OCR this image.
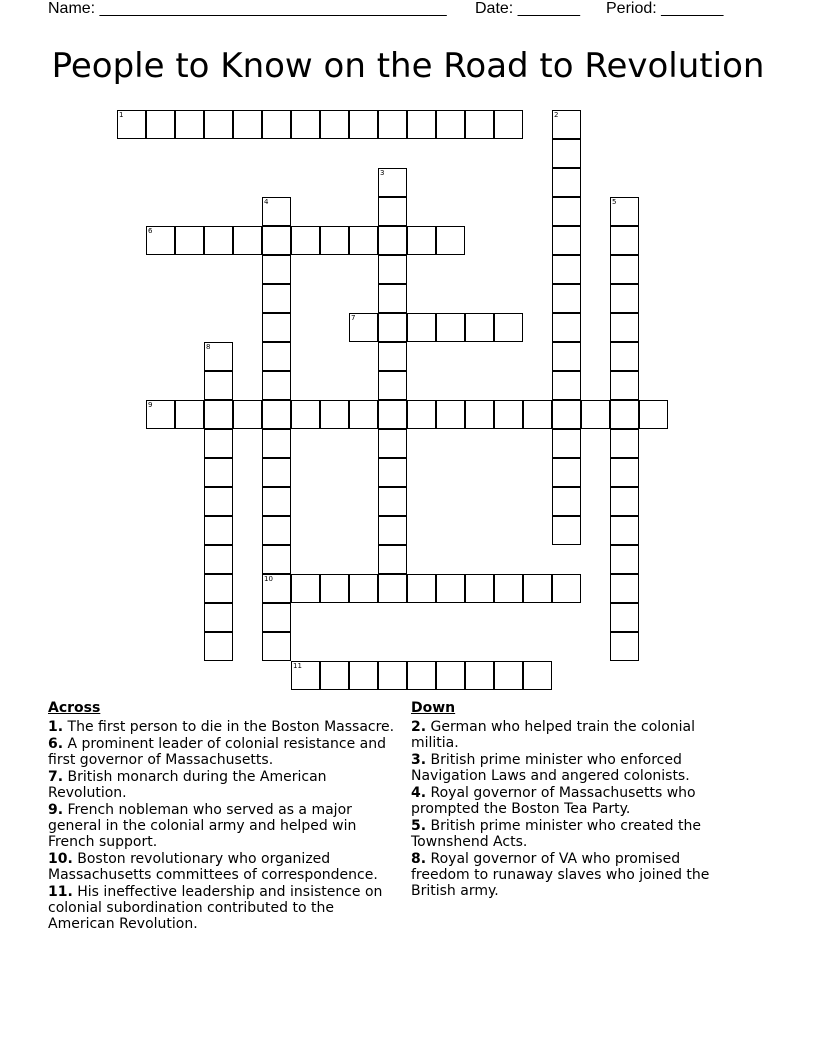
Name: _______________________________________ Date: _______ Period: _______
People to Know on the Road to Revolution
1	2
3
4
10
5
6
7
8
9
11
Across
1. The first person to die in the Boston Massacre.
6. A prominent leader of colonial resistance and first governor of Massachusetts.
7. British monarch during the American Revolution.
9. French nobleman who served as a major general in the colonial army and helped win French support.
10. Boston revolutionary who organized Massachusetts committees of correspondence.
11. His ineffective leadership and insistence on colonial subordination contributed to the American Revolution.
Down
2. German who helped train the colonial militia.
3. British prime minister who enforced Navigation Laws and angered colonists.
4. Royal governor of Massachusetts who prompted the Boston Tea Party.
5. British prime minister who created the Townshend Acts.
8. Royal governor of VA who promised freedom to runaway slaves who joined the British army.
